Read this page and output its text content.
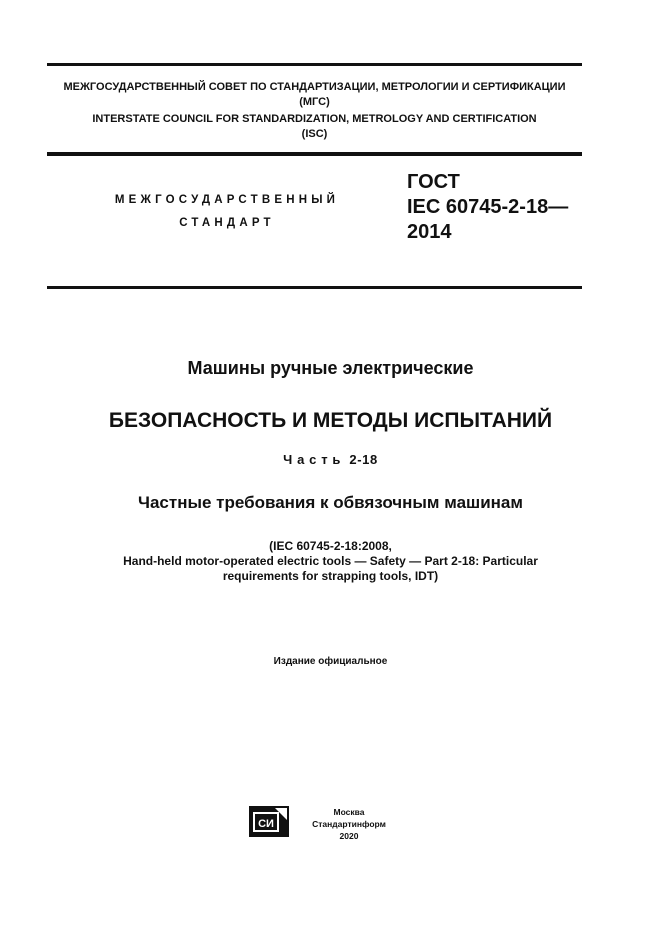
МЕЖГОСУДАРСТВЕННЫЙ СОВЕТ ПО СТАНДАРТИЗАЦИИ, МЕТРОЛОГИИ И СЕРТИФИКАЦИИ
(МГС)
INTERSTATE COUNCIL FOR STANDARDIZATION, METROLOGY AND CERTIFICATION
(ISC)
МЕЖГОСУДАРСТВЕННЫЙ
СТАНДАРТ
ГОСТ
IEC 60745-2-18—
2014
Машины ручные электрические
БЕЗОПАСНОСТЬ И МЕТОДЫ ИСПЫТАНИЙ
Ч а с т ь  2-18
Частные требования к обвязочным машинам
(IEC 60745-2-18:2008,
Hand-held motor-operated electric tools — Safety — Part 2-18: Particular
requirements for strapping tools, IDT)
Издание официальное
СИ
Москва
Стандартинформ
2020
